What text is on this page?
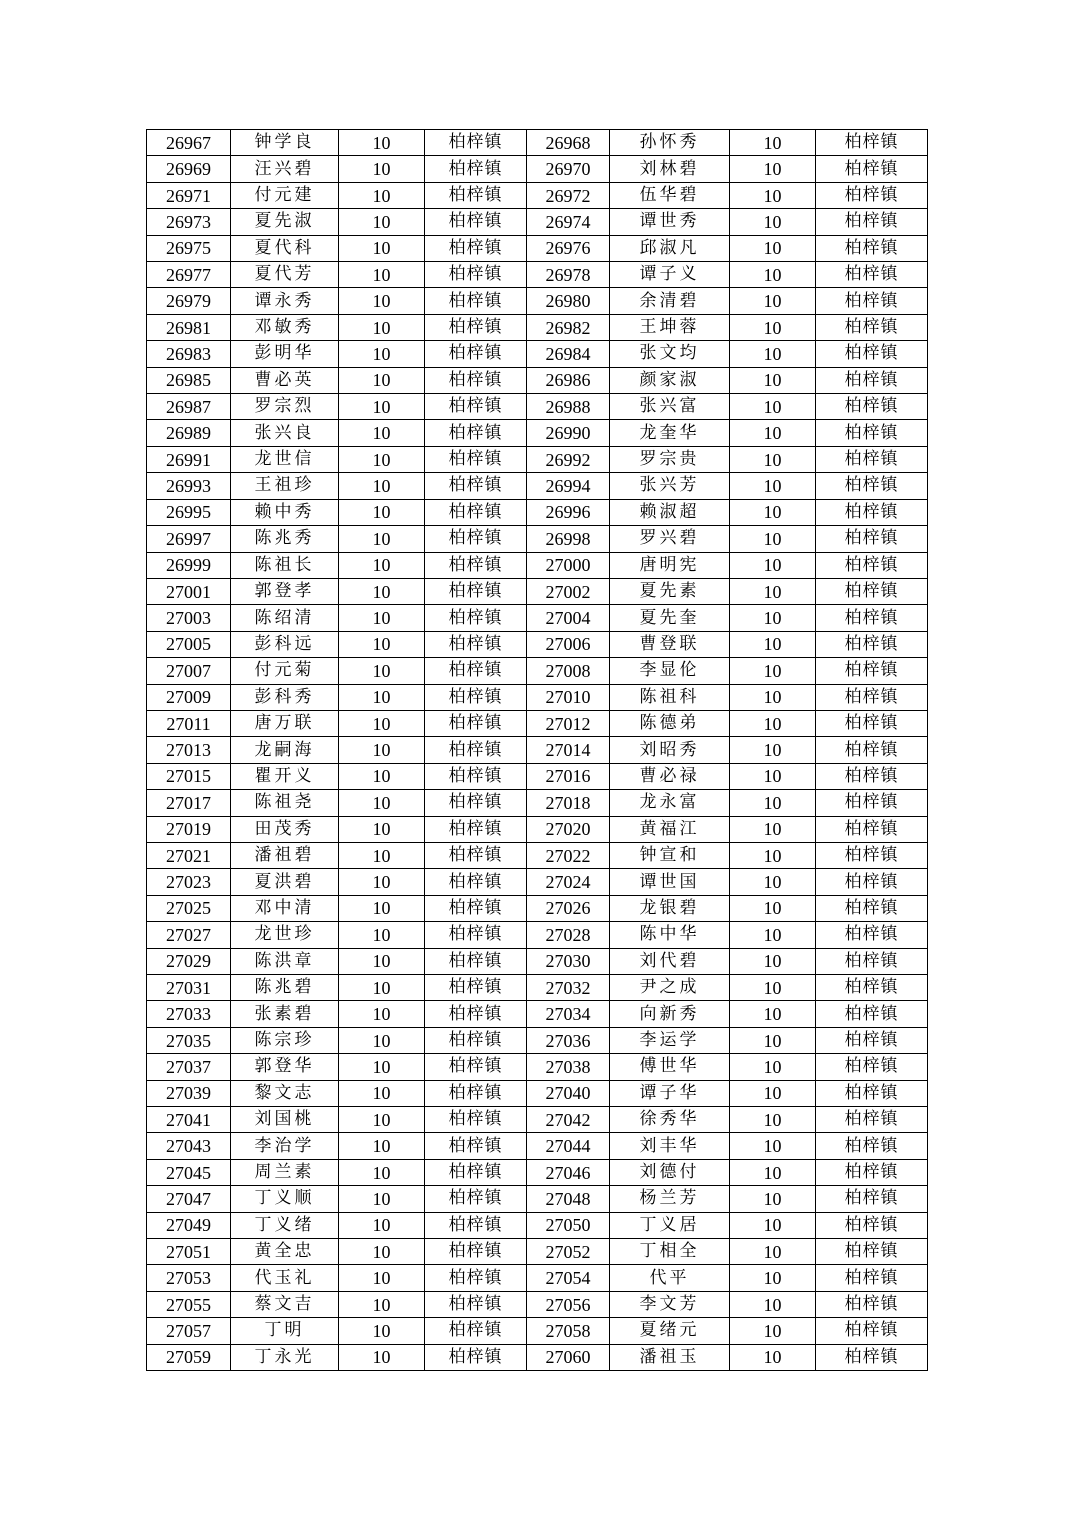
26967	钟学良	10	柏梓镇	26968	孙怀秀	10	柏梓镇
26969	汪兴碧	10	柏梓镇	26970	刘林碧	10	柏梓镇
26971	付元建	10	柏梓镇	26972	伍华碧	10	柏梓镇
26973	夏先淑	10	柏梓镇	26974	谭世秀	10	柏梓镇
26975	夏代科	10	柏梓镇	26976	邱淑凡	10	柏梓镇
26977	夏代芳	10	柏梓镇	26978	谭子义	10	柏梓镇
26979	谭永秀	10	柏梓镇	26980	余清碧	10	柏梓镇
26981	邓敏秀	10	柏梓镇	26982	王坤蓉	10	柏梓镇
26983	彭明华	10	柏梓镇	26984	张文均	10	柏梓镇
26985	曹必英	10	柏梓镇	26986	颜家淑	10	柏梓镇
26987	罗宗烈	10	柏梓镇	26988	张兴富	10	柏梓镇
26989	张兴良	10	柏梓镇	26990	龙奎华	10	柏梓镇
26991	龙世信	10	柏梓镇	26992	罗宗贵	10	柏梓镇
26993	王祖珍	10	柏梓镇	26994	张兴芳	10	柏梓镇
26995	赖中秀	10	柏梓镇	26996	赖淑超	10	柏梓镇
26997	陈兆秀	10	柏梓镇	26998	罗兴碧	10	柏梓镇
26999	陈祖长	10	柏梓镇	27000	唐明宪	10	柏梓镇
27001	郭登孝	10	柏梓镇	27002	夏先素	10	柏梓镇
27003	陈绍清	10	柏梓镇	27004	夏先奎	10	柏梓镇
27005	彭科远	10	柏梓镇	27006	曹登联	10	柏梓镇
27007	付元菊	10	柏梓镇	27008	李显伦	10	柏梓镇
27009	彭科秀	10	柏梓镇	27010	陈祖科	10	柏梓镇
27011	唐万联	10	柏梓镇	27012	陈德弟	10	柏梓镇
27013	龙嗣海	10	柏梓镇	27014	刘昭秀	10	柏梓镇
27015	瞿开义	10	柏梓镇	27016	曹必禄	10	柏梓镇
27017	陈祖尧	10	柏梓镇	27018	龙永富	10	柏梓镇
27019	田茂秀	10	柏梓镇	27020	黄福江	10	柏梓镇
27021	潘祖碧	10	柏梓镇	27022	钟宣和	10	柏梓镇
27023	夏洪碧	10	柏梓镇	27024	谭世国	10	柏梓镇
27025	邓中清	10	柏梓镇	27026	龙银碧	10	柏梓镇
27027	龙世珍	10	柏梓镇	27028	陈中华	10	柏梓镇
27029	陈洪章	10	柏梓镇	27030	刘代碧	10	柏梓镇
27031	陈兆碧	10	柏梓镇	27032	尹之成	10	柏梓镇
27033	张素碧	10	柏梓镇	27034	向新秀	10	柏梓镇
27035	陈宗珍	10	柏梓镇	27036	李运学	10	柏梓镇
27037	郭登华	10	柏梓镇	27038	傅世华	10	柏梓镇
27039	黎文志	10	柏梓镇	27040	谭子华	10	柏梓镇
27041	刘国桃	10	柏梓镇	27042	徐秀华	10	柏梓镇
27043	李治学	10	柏梓镇	27044	刘丰华	10	柏梓镇
27045	周兰素	10	柏梓镇	27046	刘德付	10	柏梓镇
27047	丁义顺	10	柏梓镇	27048	杨兰芳	10	柏梓镇
27049	丁义绪	10	柏梓镇	27050	丁义居	10	柏梓镇
27051	黄全忠	10	柏梓镇	27052	丁相全	10	柏梓镇
27053	代玉礼	10	柏梓镇	27054	代平	10	柏梓镇
27055	蔡文吉	10	柏梓镇	27056	李文芳	10	柏梓镇
27057	丁明	10	柏梓镇	27058	夏绪元	10	柏梓镇
27059	丁永光	10	柏梓镇	27060	潘祖玉	10	柏梓镇
